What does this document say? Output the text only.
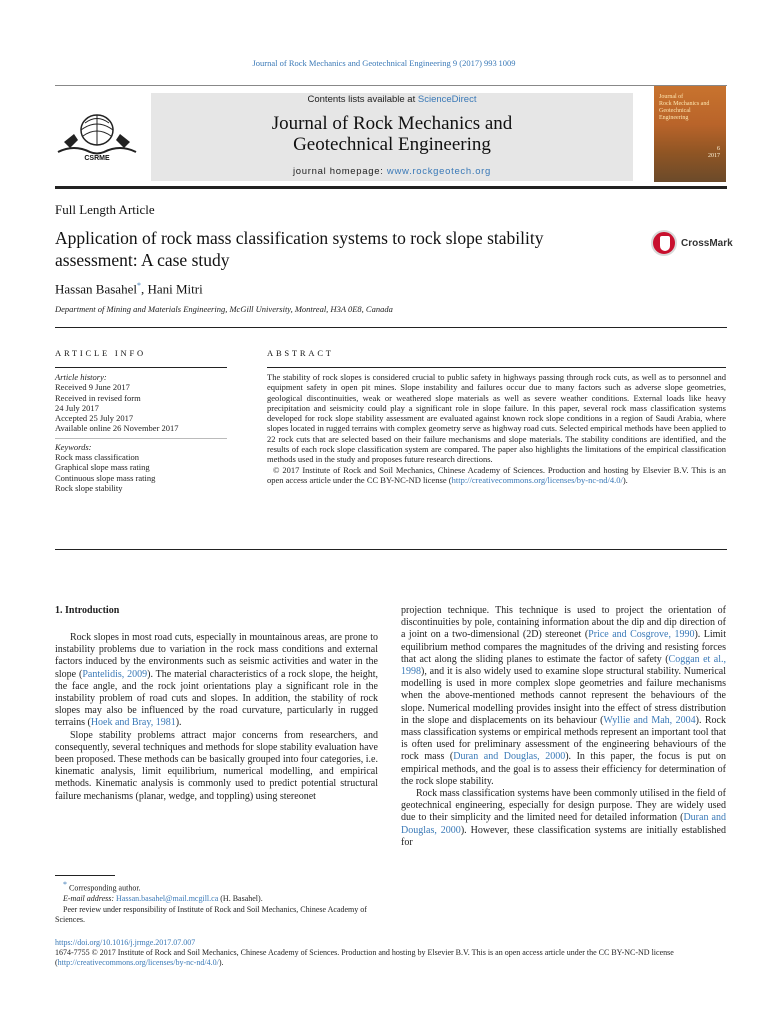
Journal of Rock Mechanics and Geotechnical Engineering 9 (2017) 993 1009
CSRME
Contents lists available at ScienceDirect
Journal of Rock Mechanics and
Geotechnical Engineering
journal homepage: www.rockgeotech.org
Journal of
Rock Mechanics and
Geotechnical
Engineering
6
2017
Full Length Article
Application of rock mass classification systems to rock slope stability
assessment: A case study
CrossMark
Hassan Basahel*, Hani Mitri
Department of Mining and Materials Engineering, McGill University, Montreal, H3A 0E8, Canada
ARTICLE INFO
Article history:
Received 9 June 2017
Received in revised form
24 July 2017
Accepted 25 July 2017
Available online 26 November 2017
Keywords:
Rock mass classification
Graphical slope mass rating
Continuous slope mass rating
Rock slope stability
ABSTRACT
The stability of rock slopes is considered crucial to public safety in highways passing through rock cuts, as well as to personnel and equipment safety in open pit mines. Slope instability and failures occur due to many factors such as adverse slope geometries, geological discontinuities, weak or weathered slope materials as well as severe weather conditions. External loads like heavy precipitation and seismicity could play a significant role in slope failure. In this paper, several rock mass classification systems developed for rock slope stability assessment are evaluated against known rock slope conditions in a region of Saudi Arabia, where slopes located in rugged terrains with complex geometry serve as highway road cuts. Selected empirical methods have been applied to 22 rock cuts that are selected based on their failure mechanisms and slope materials. The stability conditions are identified, and the results of each rock slope classification system are compared. The paper also highlights the limitations of the empirical classification methods used in the study and proposes future research directions.
© 2017 Institute of Rock and Soil Mechanics, Chinese Academy of Sciences. Production and hosting by Elsevier B.V. This is an open access article under the CC BY-NC-ND license (http://creativecommons.org/licenses/by-nc-nd/4.0/).
1. Introduction

Rock slopes in most road cuts, especially in mountainous areas, are prone to instability problems due to variation in the rock mass conditions and external factors induced by the environments such as seismic activities and water in the slope (Pantelidis, 2009). The material characteristics of a rock slope, the height, the face angle, and the rock joint orientations play a significant role in the instability problem of road cuts and slopes. In addition, the stability of rock slopes may also be influenced by the road curvature, particularly in rugged terrains (Hoek and Bray, 1981).

Slope stability problems attract major concerns from researchers, and consequently, several techniques and methods for slope stability evaluation have been proposed. These methods can be basically grouped into four categories, i.e. kinematic analysis, limit equilibrium, numerical modelling, and empirical methods. Kinematic analysis is commonly used to predict potential structural failure mechanisms (planar, wedge, and toppling) using stereonet

projection technique. This technique is used to project the orientation of discontinuities by pole, containing information about the dip and dip direction of a joint on a two-dimensional (2D) stereonet (Price and Cosgrove, 1990). Limit equilibrium method compares the magnitudes of the driving and resisting forces that act along the sliding planes to estimate the factor of safety (Coggan et al., 1998), and it is also widely used to examine slope structural stability. Numerical modelling is used in more complex slope geometries and failure mechanisms when the above-mentioned methods cannot represent the behaviours of the slope. Numerical modelling provides insight into the effect of stress distribution in the slope and displacements on its behaviour (Wyllie and Mah, 2004). Rock mass classification systems or empirical methods represent an important tool that is often used for preliminary assessment of the engineering behaviours of the rock mass (Duran and Douglas, 2000). In this paper, the focus is put on empirical methods, and the goal is to assess their efficiency for determination of the rock slope stability.

Rock mass classification systems have been commonly utilised in the field of geotechnical engineering, especially for design purpose. They are widely used due to their simplicity and the limited need for detailed information (Duran and Douglas, 2000). However, these classification systems are initially established for

* Corresponding author.
E-mail address: Hassan.basahel@mail.mcgill.ca (H. Basahel).
Peer review under responsibility of Institute of Rock and Soil Mechanics, Chinese Academy of Sciences.
https://doi.org/10.1016/j.jrmge.2017.07.007
1674-7755 © 2017 Institute of Rock and Soil Mechanics, Chinese Academy of Sciences. Production and hosting by Elsevier B.V. This is an open access article under the CC BY-NC-ND license (http://creativecommons.org/licenses/by-nc-nd/4.0/).
